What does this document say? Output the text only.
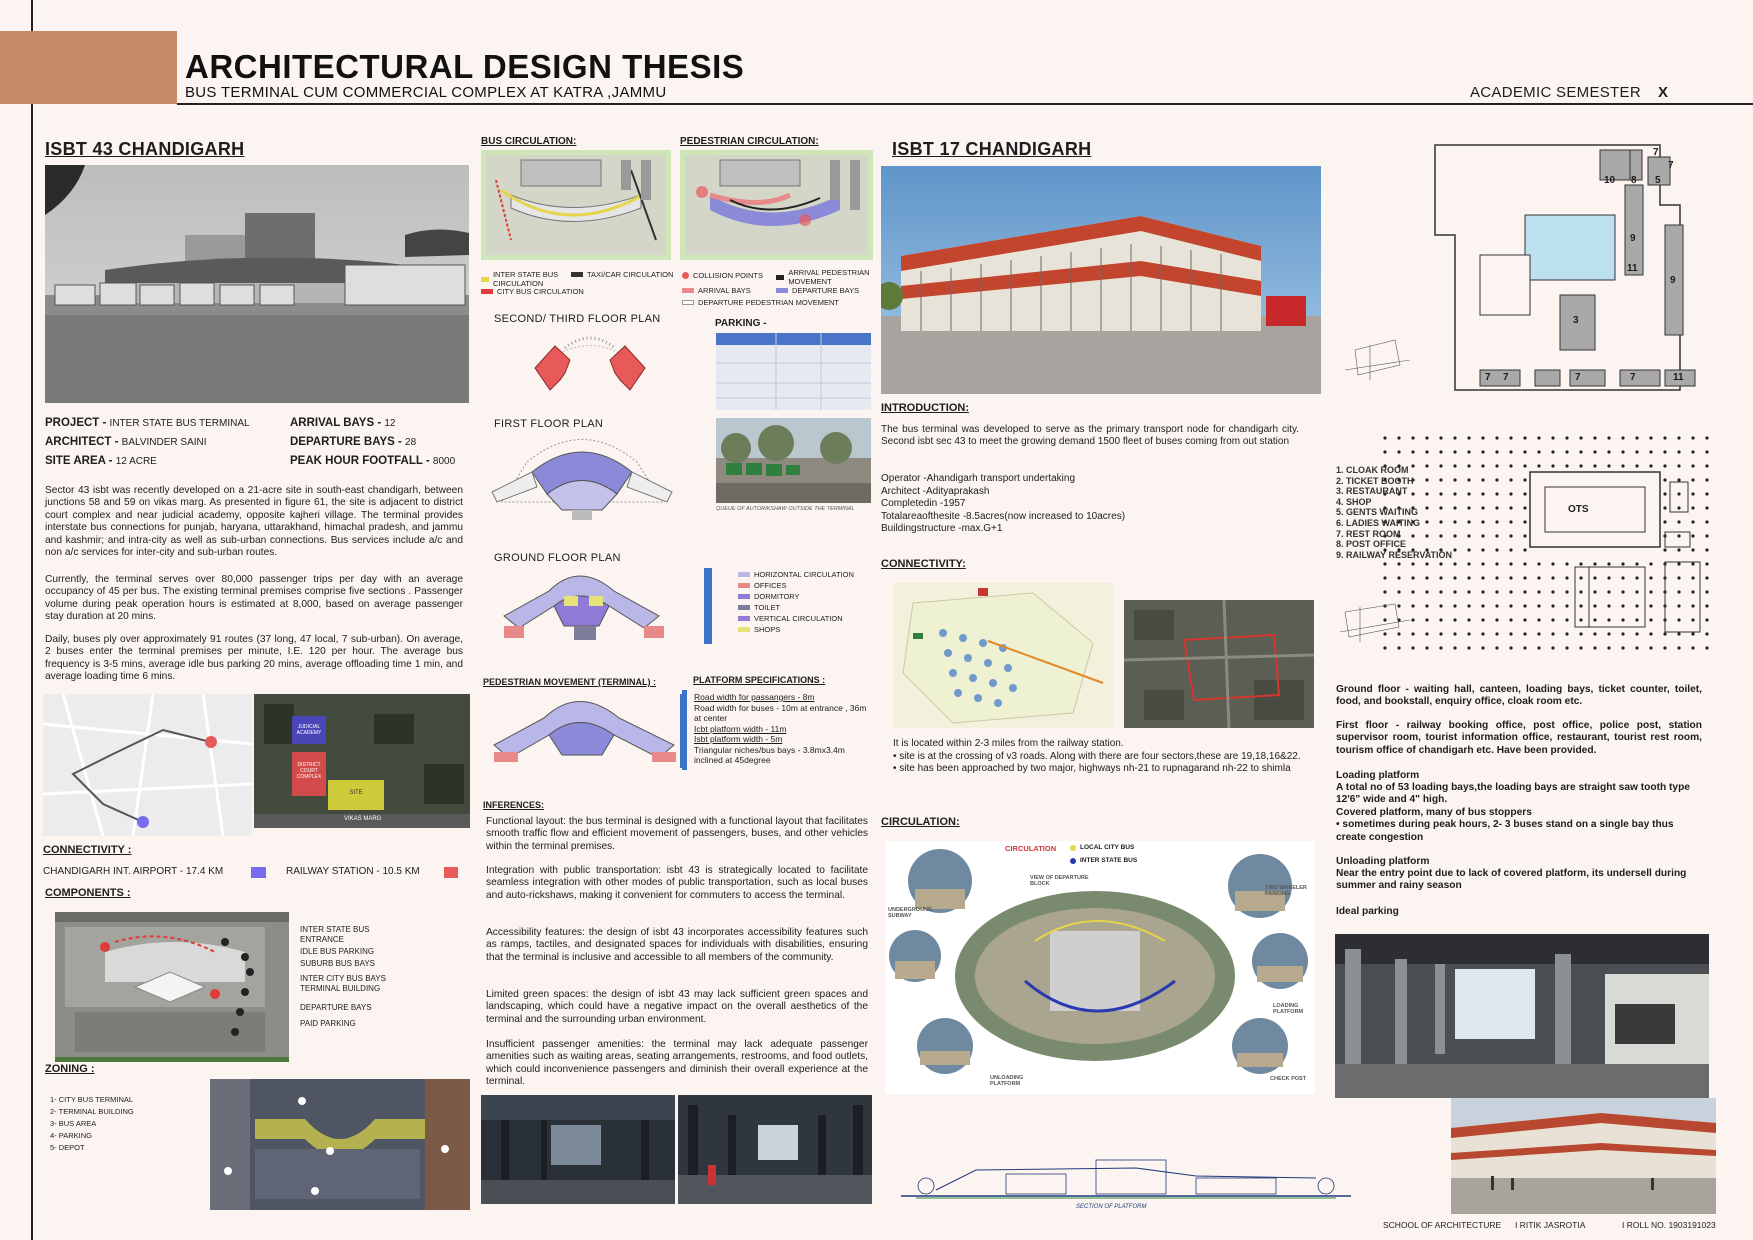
ARCHITECTURAL DESIGN THESIS
BUS TERMINAL CUM COMMERCIAL COMPLEX AT KATRA ,JAMMU	ACADEMIC SEMESTER X
ISBT 43 CHANDIGARH
PROJECT - INTER STATE BUS TERMINAL
ARCHITECT - BALVINDER SAINI
SITE AREA - 12 ACRE
ARRIVAL BAYS - 12
DEPARTURE BAYS - 28
PEAK HOUR FOOTFALL - 8000
Sector 43 isbt was recently developed on a 21-acre site in south-east chandigarh, between junctions 58 and 59 on vikas marg. As presented in figure 61, the site is adjacent to district court complex and near judicial academy, opposite kajheri village. The terminal provides interstate bus connections for punjab, haryana, uttarakhand, himachal pradesh, and jammu and kashmir; and intra-city as well as sub-urban connections. Bus services include a/c and non a/c services for inter-city and sub-urban routes.
Currently, the terminal serves over 80,000 passenger trips per day with an average occupancy of 45 per bus. The existing terminal premises comprise five sections . Passenger volume during peak operation hours is estimated at 8,000, based on average passenger stay duration at 20 mins.
Daily, buses ply over approximately 91 routes (37 long, 47 local, 7 sub-urban). On average, 2 buses enter the terminal premises per minute, I.E. 120 per hour. The average bus frequency is 3-5 mins, average idle bus parking 20 mins, average offloading time 1 min, and average loading time 6 mins.
JUDICIAL ACADEMY
DISTRICT COURT COMPLEX
SITE
VIKAS MARG
CONNECTIVITY :
CHANDIGARH INT. AIRPORT - 17.4 KM	RAILWAY STATION - 10.5 KM
COMPONENTS :
INTER STATE BUS ENTRANCE
IDLE BUS PARKING
SUBURB BUS BAYS
INTER CITY BUS BAYS
TERMINAL BUILDING
DEPARTURE BAYS
PAID PARKING
ZONING :
1- CITY BUS TERMINAL
2- TERMINAL BUILDING
3- BUS AREA
4- PARKING
5- DEPOT
BUS CIRCULATION:	PEDESTRIAN CIRCULATION:
INTER STATE BUS CIRCULATION
TAXI/CAR CIRCULATION
CITY BUS CIRCULATION
COLLISION POINTS	ARRIVAL PEDESTRIAN MOVEMENT
ARRIVAL BAYS	DEPARTURE BAYS
DEPARTURE PEDESTRIAN MOVEMENT
SECOND/ THIRD FLOOR PLAN	PARKING -
QUEUE OF AUTORIKSHAW OUTSIDE THE TERMINAL
FIRST FLOOR PLAN
GROUND FLOOR PLAN
HORIZONTAL CIRCULATION
OFFICES
DORMITORY
TOILET
VERTICAL CIRCULATION
SHOPS
PEDESTRIAN MOVEMENT (TERMINAL) :	PLATFORM SPECIFICATIONS :
Road width for passangers - 8m
Road width for buses - 10m at entrance , 36m at center
Icbt platform width - 11m
Isbt platform width - 5m
Triangular niches/bus bays - 3.8mx3.4m inclined at 45degree
INFERENCES:
Functional layout: the bus terminal is designed with a functional layout that facilitates smooth traffic flow and efficient movement of passengers, buses, and other vehicles within the terminal premises.
Integration with public transportation: isbt 43 is strategically located to facilitate seamless integration with other modes of public transportation, such as local buses and auto-rickshaws, making it convenient for commuters to access the terminal.
Accessibility features: the design of isbt 43 incorporates accessibility features such as ramps, tactiles, and designated spaces for individuals with disabilities, ensuring that the terminal is inclusive and accessible to all members of the community.
Limited green spaces: the design of isbt 43 may lack sufficient green spaces and landscaping, which could have a negative impact on the overall aesthetics of the terminal and the surrounding urban environment.
Insufficient passenger amenities: the terminal may lack adequate passenger amenities such as waiting areas, seating arrangements, restrooms, and food outlets, which could inconvenience passengers and diminish their overall experience at the terminal.
ISBT 17 CHANDIGARH
INTRODUCTION:
The bus terminal was developed to serve as the primary transport node for chandigarh city. Second isbt sec 43 to meet the growing demand 1500 fleet of buses coming from out station
Operator -Ahandigarh transport undertaking
Architect -Adityaprakash
Completedin -1957
Totalareaofthesite -8.5acres(now increased to 10acres)
Buildingstructure -max.G+1
CONNECTIVITY:
It is located within 2-3 miles from the railway station.
• site is at the crossing of v3 roads. Along with there are four sectors,these are 19,18,16&22.
• site has been approached by two major, highways nh-21 to rupnagarand nh-22 to shimla
CIRCULATION:
CIRCULATION	LOCAL CITY BUS
INTER STATE BUS
VIEW OF DEPARTURE BLOCK
UNDERGROUND SUBWAY
TWO WHEELER PARKING
LOADING PLATFORM
UNLOADING PLATFORM
CHECK POST
SECTION OF PLATFORM
7
7
10 8 5
9
11
9
3
7 7	7	7	11
OTS
1. CLOAK ROOM
2. TICKET BOOTH
3. RESTAURANT
4. SHOP
5. GENTS WAITING
6. LADIES WAITING
7. REST ROOM
8. POST OFFICE
9. RAILWAY RESERVATION
Ground floor - waiting hall, canteen, loading bays, ticket counter, toilet, food, and bookstall, enquiry office, cloak room etc.
First floor - railway booking office, post office, police post, station supervisor room, tourist information office, restaurant, tourist rest room, tourism office of chandigarh etc. Have been provided.
Loading platform
A total no of 53 loading bays,the loading bays are straight saw tooth type 12'6" wide and 4" high.
Covered platform, many of bus stoppers
• sometimes during peak hours, 2- 3 buses stand on a single bay thus create congestion
Unloading platform
Near the entry point due to lack of covered platform, its undersell during summer and rainy season
Ideal parking
SCHOOL OF ARCHITECTURE I RITIK JASROTIA	I ROLL NO. 1903191023
